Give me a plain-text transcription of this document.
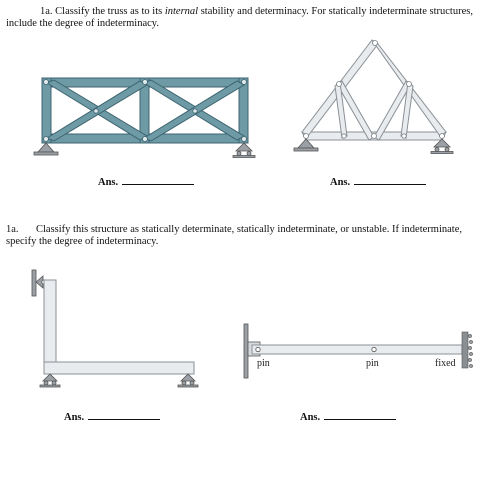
1a. Classify the truss as to its internal stability and determinacy. For statically indeterminate structures, include the degree of indeterminacy.
Ans.	Ans.
1a. Classify this structure as statically determinate, statically indeterminate, or unstable. If indeterminate, specify the degree of indeterminacy.
pin	pin	fixed
Ans.	Ans.
